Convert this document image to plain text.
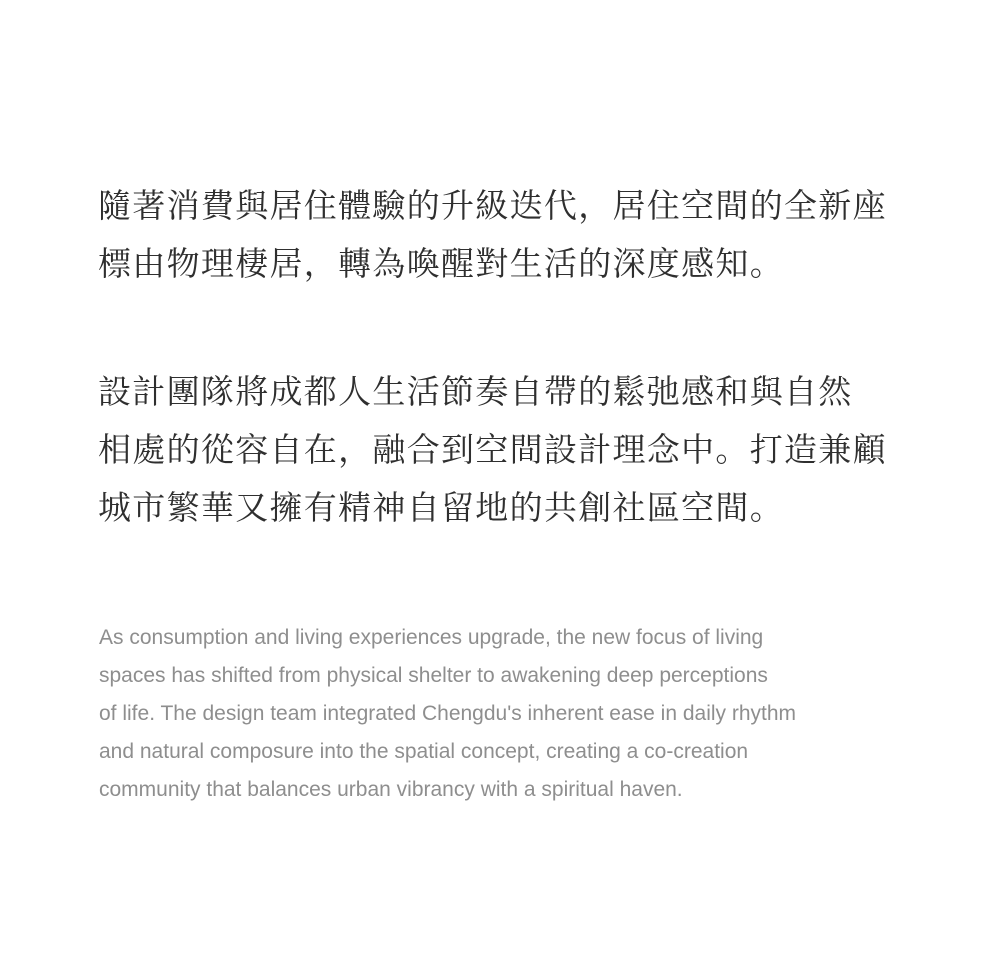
隨著消費與居住體驗的升級迭代，居住空間的全新座
標由物理棲居，轉為喚醒對生活的深度感知。
設計團隊將成都人生活節奏自帶的鬆弛感和與自然
相處的從容自在，融合到空間設計理念中。打造兼顧
城市繁華又擁有精神自留地的共創社區空間。
As consumption and living experiences upgrade, the new focus of living
spaces has shifted from physical shelter to awakening deep perceptions
of life. The design team integrated Chengdu's inherent ease in daily rhythm
and natural composure into the spatial concept, creating a co-creation
community that balances urban vibrancy with a spiritual haven.
